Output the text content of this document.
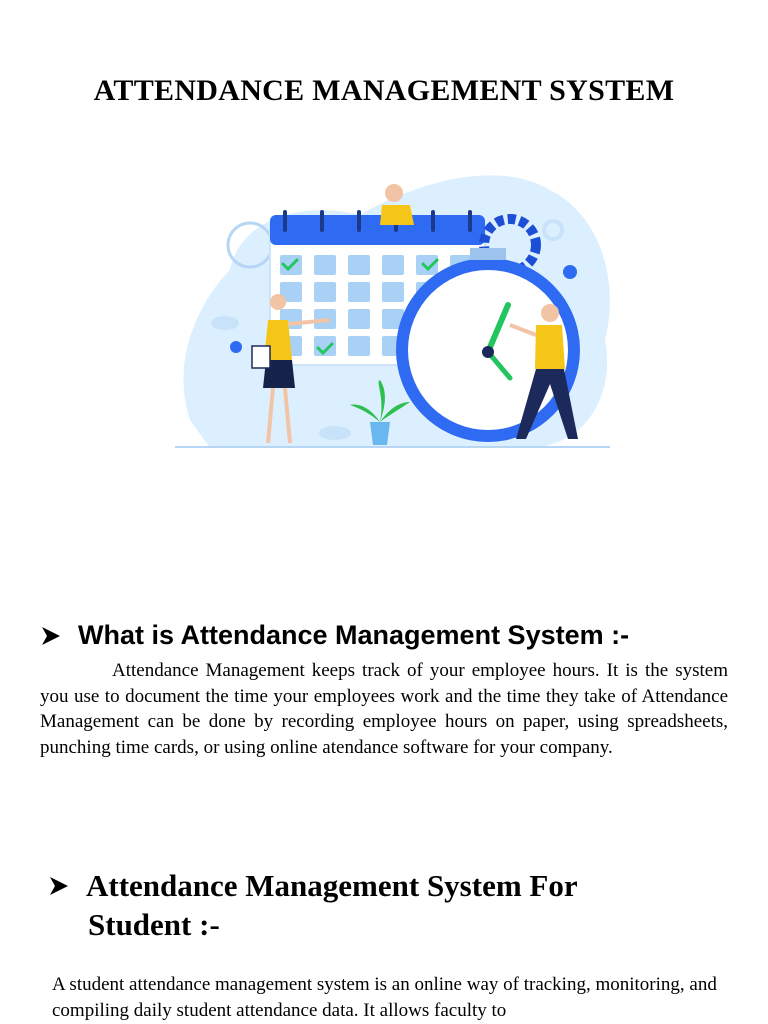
ATTENDANCE MANAGEMENT SYSTEM
What is Attendance Management System :-
Attendance Management keeps track of your employee hours. It is the system you use to document the time your employees work and the time they take of Attendance Management can be done by recording employee hours on paper, using spreadsheets, punching time cards, or using online atendance software for your company.
Attendance Management System For
Student :-
A student attendance management system is an online way of tracking, monitoring, and compiling daily student attendance data. It allows faculty to
